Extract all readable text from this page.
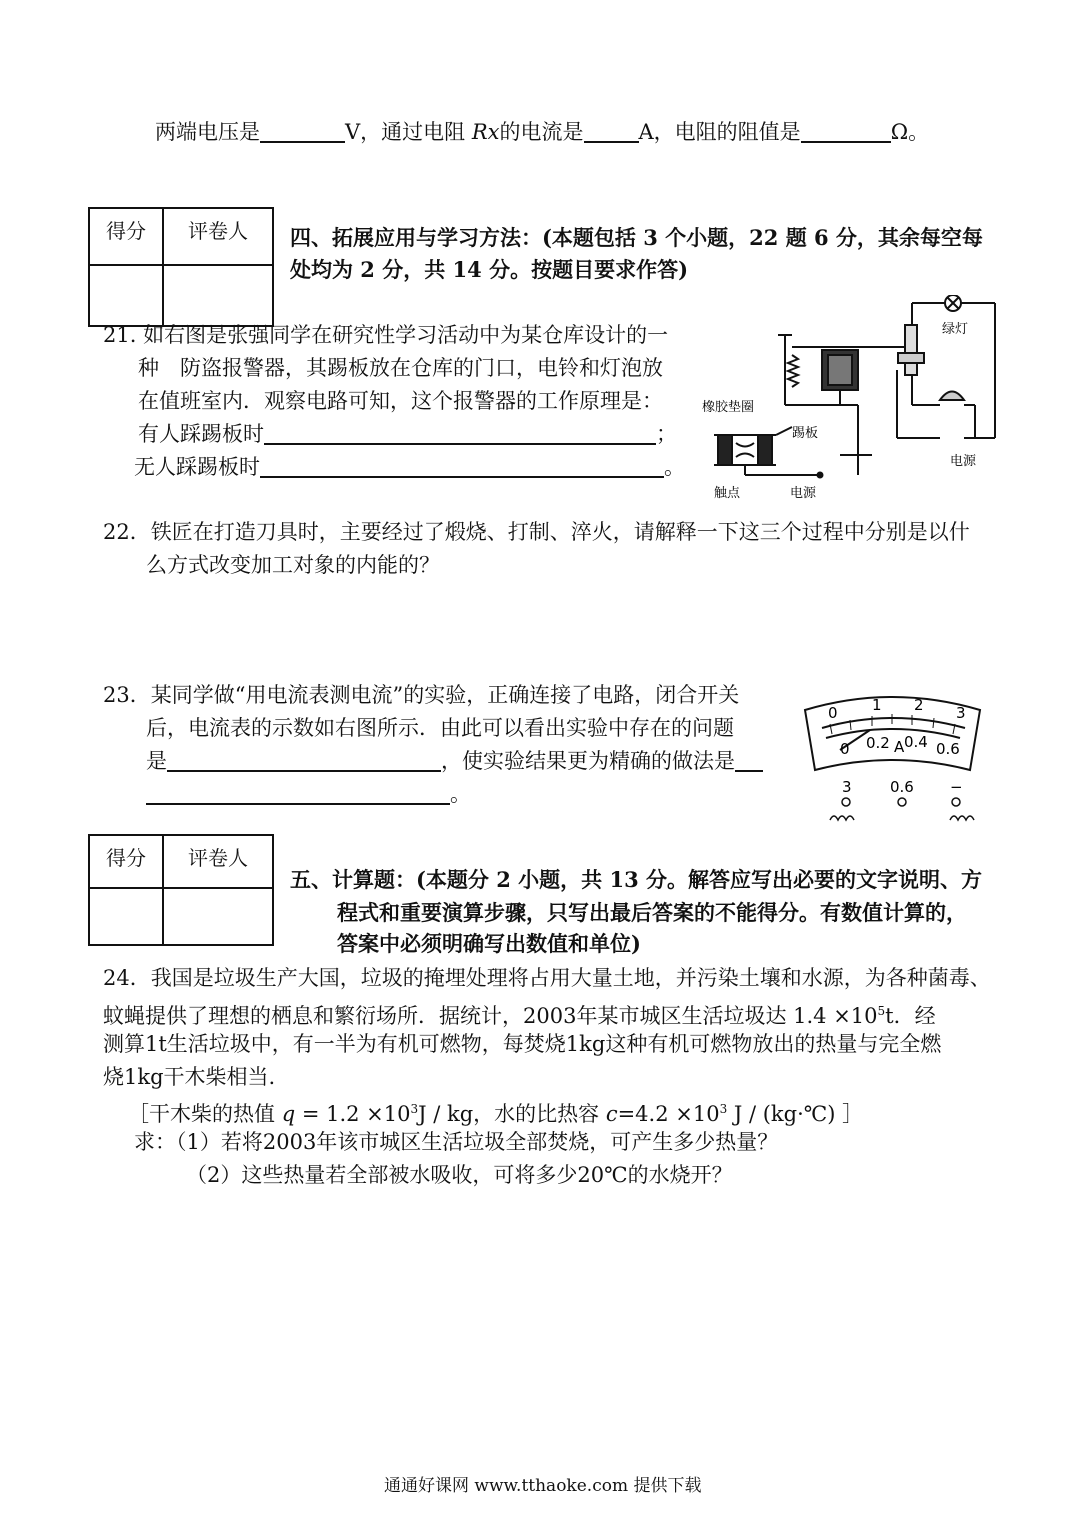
两端电压是	V，通过电阻 Rx的电流是	A，电阻的阻值是	Ω。
得分	评卷人
	四、拓展应用与学习方法：(本题包括 3 个小题，22 题 6 分，其余每空每
处均为 2 分，共 14 分。按题目要求作答)
21. 如右图是张强同学在研究性学习活动中为某仓库设计的一
种　防盗报警器，其踢板放在仓库的门口，电铃和灯泡放
在值班室内．观察电路可知，这个报警器的工作原理是：
有人踩踢板时	；
无人踩踢板时	。
橡胶垫圈
踢板
触点	电源
绿灯
电源
22．铁匠在打造刀具时，主要经过了煅烧、打制、淬火，请解释一下这三个过程中分别是以什
么方式改变加工对象的内能的？
23．某同学做“用电流表测电流”的实验，正确连接了电路，闭合开关
后，电流表的示数如右图所示．由此可以看出实验中存在的问题
是	，使实验结果更为精确的做法是
。
0 1 2 3
0 0.2 A 0.4 0.6
3	0.6 −
得分	评卷人

五、计算题：(本题分 2 小题，共 13 分。解答应写出必要的文字说明、方
程式和重要演算步骤，只写出最后答案的不能得分。有数值计算的，
答案中必须明确写出数值和单位)
24．我国是垃圾生产大国，垃圾的掩埋处理将占用大量土地，并污染土壤和水源，为各种菌毒、
蚊蝇提供了理想的栖息和繁衍场所．据统计，2003年某市城区生活垃圾达 $1.4 \times 10^5t$．经
测算1t生活垃圾中，有一半为有机可燃物，每焚烧1kg这种有机可燃物放出的热量与完全燃
烧1kg干木柴相当.
［干木柴的热值 $q = 1.2 \times 10^3J$ / kg，水的比热容 $c=4.2 \times 10^3$ J / (kg·℃) ］
求：（1）若将2003年该市城区生活垃圾全部焚烧，可产生多少热量？
（2）这些热量若全部被水吸收，可将多少20℃的水烧开？
通通好课网 www.tthaoke.com 提供下载
